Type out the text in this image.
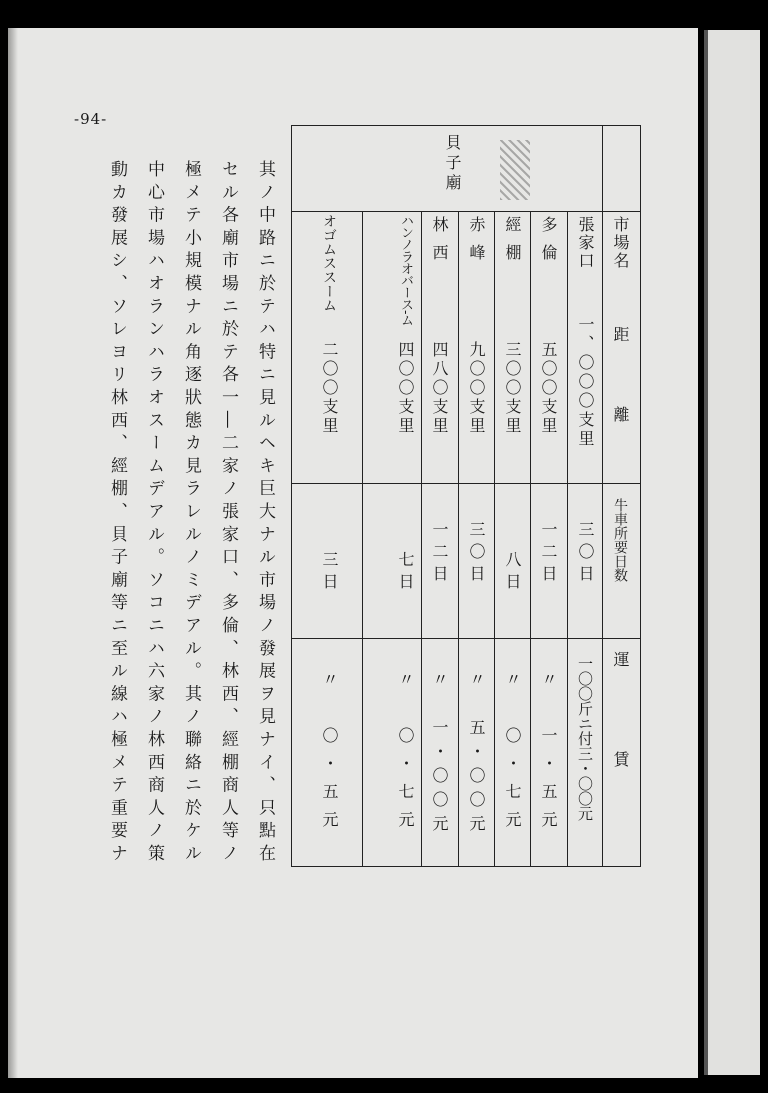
-94-
其ノ中路ニ於テハ特ニ見ルヘキ巨大ナル市場ノ發展ヲ見ナイ、只點在
セル各廟市場ニ於テ各一―二家ノ張家口、多倫、林西、經棚商人等ノ
極メテ小規模ナル角逐狀態カ見ラレルノミデアル。其ノ聯絡ニ於ケル
中心市場ハオランハラオスームデアル。ソコニハ六家ノ林西商人ノ策
動カ發展シ、ソレヨリ林西、經棚、貝子廟等ニ至ル線ハ極メテ重要ナ	貝子廟
市場名
距　離
牛車所要日数
運　賃
張家口
一、〇〇〇支里
三〇日
一〇〇斤ニ付三・〇〇元
多倫
五〇〇支里
一二日
〃　一・五元
經棚
三〇〇支里
八日
〃　〇・七元
赤峰
九〇〇支里
三〇日
〃　五・〇〇元
林西
四八〇支里
一二日
〃　一・〇〇元
ハンノラオバース-ム
四〇〇支里
七日
〃　〇・七元
オゴムススーム
二〇〇支里
三日
〃　〇・五元
